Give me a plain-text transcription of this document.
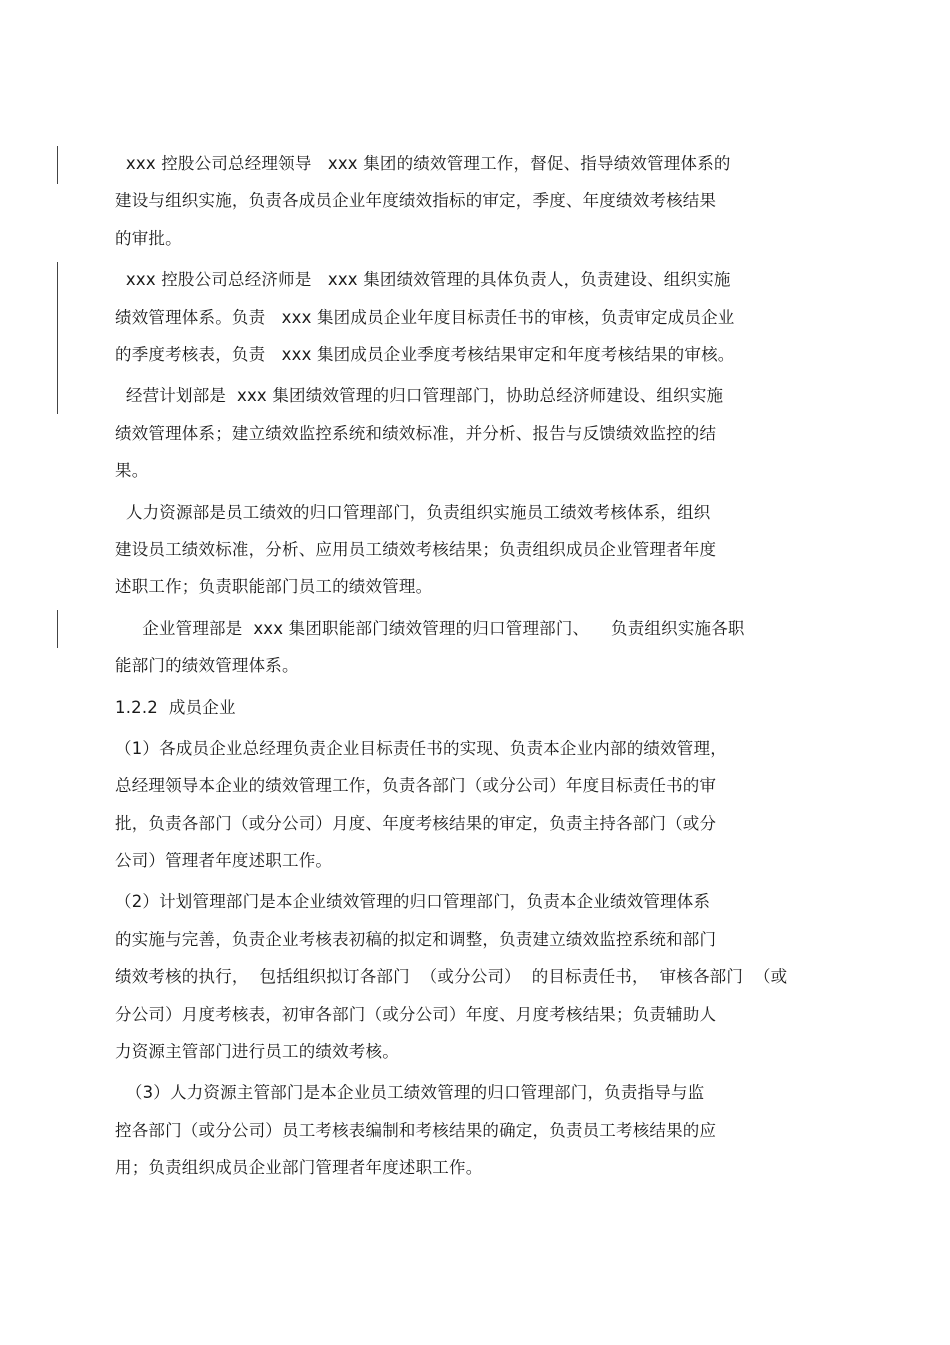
xxx 控股公司总经理领导   xxx 集团的绩效管理工作，督促、指导绩效管理体系的
建设与组织实施，负责各成员企业年度绩效指标的审定，季度、年度绩效考核结果
的审批。
xxx 控股公司总经济师是   xxx 集团绩效管理的具体负责人，负责建设、组织实施
绩效管理体系。负责   xxx 集团成员企业年度目标责任书的审核，负责审定成员企业
的季度考核表，负责   xxx 集团成员企业季度考核结果审定和年度考核结果的审核。
经营计划部是  xxx 集团绩效管理的归口管理部门，协助总经济师建设、组织实施
绩效管理体系；建立绩效监控系统和绩效标准，并分析、报告与反馈绩效监控的结
果。
人力资源部是员工绩效的归口管理部门，负责组织实施员工绩效考核体系，组织
建设员工绩效标准，分析、应用员工绩效考核结果；负责组织成员企业管理者年度
述职工作；负责职能部门员工的绩效管理。
企业管理部是  xxx 集团职能部门绩效管理的归口管理部门、    负责组织实施各职
能部门的绩效管理体系。
1.2.2  成员企业
（1）各成员企业总经理负责企业目标责任书的实现、负责本企业内部的绩效管理，
总经理领导本企业的绩效管理工作，负责各部门（或分公司）年度目标责任书的审
批，负责各部门（或分公司）月度、年度考核结果的审定，负责主持各部门（或分
公司）管理者年度述职工作。
（2）计划管理部门是本企业绩效管理的归口管理部门，负责本企业绩效管理体系
的实施与完善，负责企业考核表初稿的拟定和调整，负责建立绩效监控系统和部门
绩效考核的执行，  包括组织拟订各部门  （或分公司）  的目标责任书，  审核各部门  （或
分公司）月度考核表，初审各部门（或分公司）年度、月度考核结果；负责辅助人
力资源主管部门进行员工的绩效考核。
（3）人力资源主管部门是本企业员工绩效管理的归口管理部门，负责指导与监
控各部门（或分公司）员工考核表编制和考核结果的确定，负责员工考核结果的应
用；负责组织成员企业部门管理者年度述职工作。
